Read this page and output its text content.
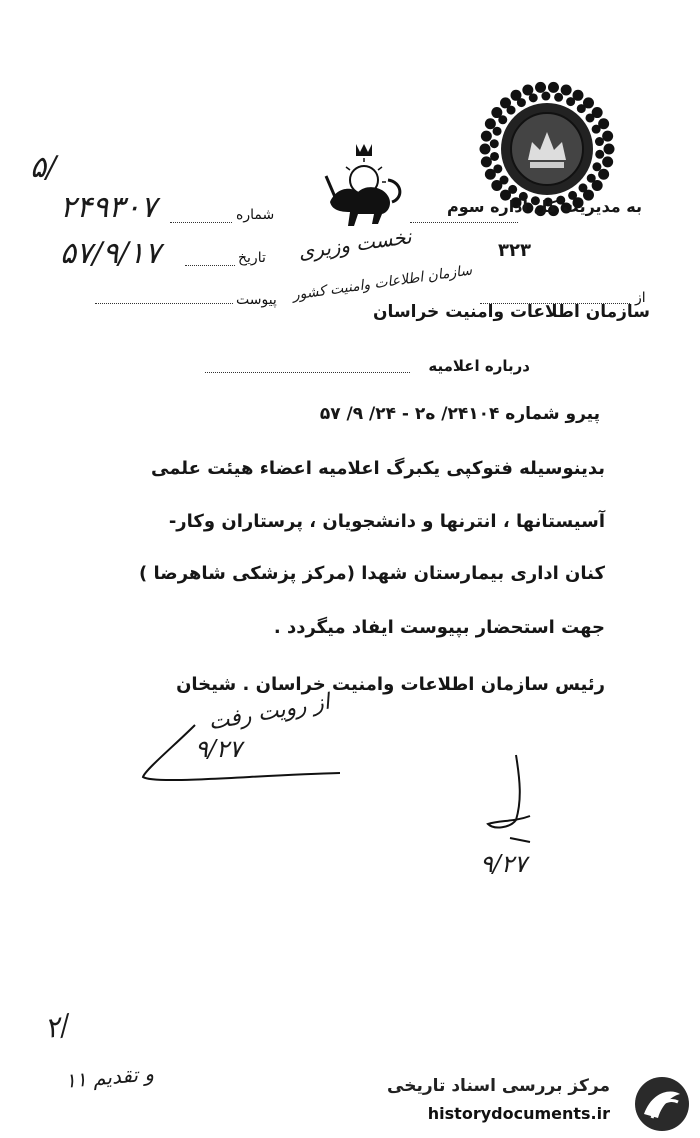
۵/
شماره
۲۴۹۳۰۷
تاریخ
۵۷/۹/۱۷
پیوست
نخست وزیری
سازمان اطلاعات وامنیت کشور
به مدیریت کل اداره سوم
۳۲۳
از
سازمان اطلاعات وامنیت خراسان
درباره اعلامیه
پیرو شماره ۲۴۱۰۴/ ه۲ - ۲۴/ ۹/ ۵۷
بدینوسیله فتوکپی یکبرگ اعلامیه اعضاء هیئت علمی
آسیستانها ، انترنها و دانشجویان ، پرستاران وکار-
کنان اداری بیمارستان شهدا (مرکز پزشکی شاهرضا )
جهت استحضار بپیوست ایفاد میگردد .
رئیس سازمان اطلاعات وامنیت خراسان . شیخان
از رویت رفت
۹/۲۷
۹/۲۷
۲/
و تقدیم ۱۱	مرکز بررسی اسناد تاریخی
historydocuments.ir
